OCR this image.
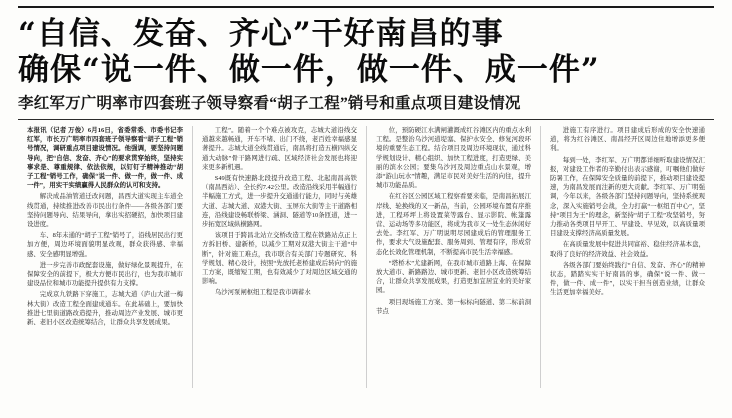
“自信、发奋、齐心”干好南昌的事
确保“说一件、做一件，做一件、成一件”
李红军万广明率市四套班子领导察看“胡子工程”销号和重点项目建设情况

本报讯（记者 万俊）6月16日，省委常委、市委书记李红军，市长万广明率市四套班子领导察看“胡子工程”销号情况，调研重点项目建设情况。他强调，要坚持问题导向，把“自信、发奋、齐心”的要求贯穿始终，坚持实事求是、尊重规律、依法依规，以钉钉子精神推动“胡子工程”销号工作，确保“说一件、做一件，做一件、成一件”，用实干实绩赢得人民群众的认可和支持。

解决成品油管道迁改问题，昌西大道实现主车道全线贯通，持续推进改善市民出行条件——各级各部门要坚持问题导向、结果导向，拿出实招硬招，加快项目建设进度。

车、8年未通的“胡子工程”销号了，沿线居民出行更加方便，周边环境面貌明显改观，群众获得感、幸福感、安全感明显增强。

进一步完善市政配套设施，做好绿化景观提升，在保障安全的前提下，极大方便市民出行，也为我市城市建设品位和城市功能提升提供有力支撑。

完成京九铁路下穿施工，志城大道（庐山大道一梅林大街）改造工程全面建成通车。在此基础上，要加快推进七里街道路改造提升，推动周边产业发展、城市更新、老旧小区改造统筹结合，让群众共享发展成果。

工程”。随着一个个难点被攻克，志城大道沿线交通越来越畅通，开车不堵、出门不绕，老百姓幸福感显著提升。志城大道全线贯通后，南昌将打造五横四纵交通大动脉”骨干路网进行疏、区域经济社会发展也将迎来更多新机遇。

S49既有快速路北段提升改造工程、北起南昌高铁（南昌西站）、全长约7.42公里。改造沿线采用半幅通行半幅施工方式，进一步提升交通通行能力，同时与英雄大道、志城大道、双港大街、玉屏东大街等主干道路相连，沿线建设畅联桥梁、涵洞、隧道等10条匝道，进一步拓宽区域纵横路网。

该项目于跨昌北站立交桥改造工程在铁路站点正上方拆旧桥、建新桥，以减少工期对双港大街主干道“中断”，针对施工难点，我市联合有关部门专题研究、科学规划、精心设计，按照“先放托老桥建成后转向”的施工方案，既缩短工期，也有效减少了对周边区域交通的影响。

乌沙河泵闸枢纽工程是我市调蓄水

位，预防硬江水满闸灌溉成红谷滩区内的重点水利工程。是整治乌沙河道堤塞、保护水安全、修复河段环境的重要生态工程。结合项目及周边环境现状，通过科学规划设计、精心组织、加快工程进度，打造更绿、美丽的滨水公园；要集乌沙河及周边重点山水景观，增添“游山玩水”情趣，满足市民对美好生活的向往，提升城市功能品质。

在红谷区公园区域工程察看要来临，是南昌拓展江岸线、轮换线的又一新品，当前，公园环境布置有序推进，工程环坪上将设置菜等露台、显示影院、帐篷露营、运动场等多功能区，将成为我市又一处生态休闲好去处。李红军、万广明说明尽园建成后的管理服务工作，要求大气设施配套、服务周到、管理有序，形成常态化长效化管理机制，不断提高市民生活幸福感。

“塔桥木”尤建新网，在我市城市道路上海、在保障放大道市、新路路边、城市更新、老旧小区改造统筹结合，让群众共享发展成果，打造更加宜居宜业的美好家园。

项目现场施工方案、第一标标向隧道、第二标前洞节点

进施工有序进行。项目建成后形成的安全快速通道，将为红谷滩区、南昌经开区周边住地增添更多便利。

每到一处，李红军、万广明都详细听取建设情况汇报，对建设工作者的辛勤付出表示感谢，叮嘱他们做好防暑工作，在保障安全质量的前提下，推动项目建设提速，为南昌发展而注新的更大贡献。李红军、万广明强调，今年以来，各级各部门坚持问题导向，坚持系统观念，深入实施销号会战，全力打赢“一枢纽百中心”，坚持“项目为王”的理念，新坚持“胡子工程”攻坚销号，努力推动各类项目早开工、早建设、早见效，以高质量项目建设支撑经济高质量发展。

在高质量发展中促进共同富裕、稳住经济基本盘，取得了良好的经济效益、社会效益。

各级各部门要始终践行“自信、发奋、齐心”的精神状态，踏踏实实干好南昌的事，确保“说一件、做一件，做一件、成一件”，以实干担当创造业绩，让群众生活更加幸福美好。
